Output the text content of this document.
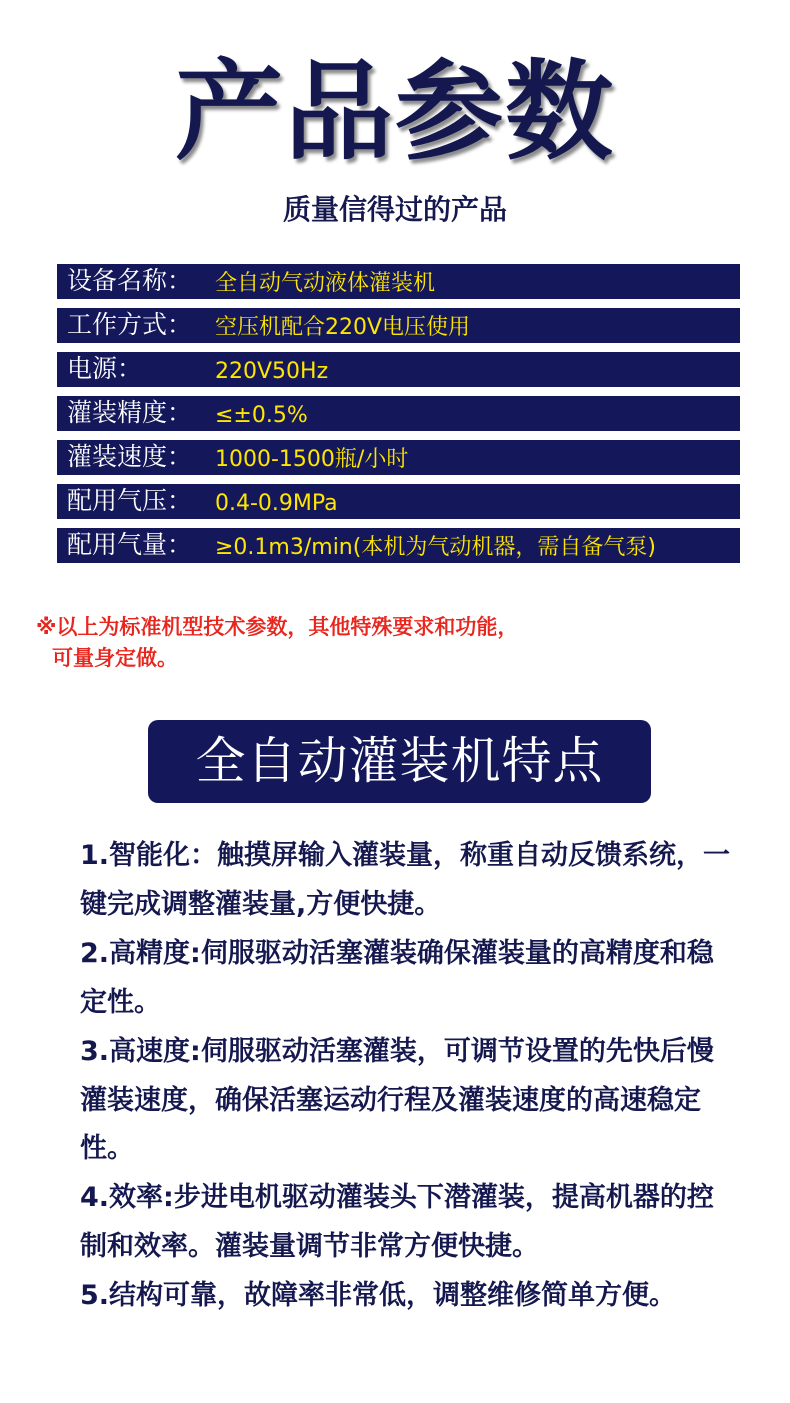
产品参数
质量信得过的产品
设备名称： 全自动气动液体灌装机
工作方式： 空压机配合220V电压使用
电源：	220V50Hz
灌装精度： ≤±0.5%
灌装速度： 1000-1500瓶/小时
配用气压： 0.4-0.9MPa
配用气量： ≥0.1m3/min(本机为气动机器，需自备气泵)
※以上为标准机型技术参数，其他特殊要求和功能，
可量身定做。
全自动灌装机特点

1.智能化：触摸屏输入灌装量，称重自动反馈系统，一键完成调整灌装量,方便快捷。

2.高精度:伺服驱动活塞灌装确保灌装量的高精度和稳定性。

3.高速度:伺服驱动活塞灌装，可调节设置的先快后慢灌装速度，确保活塞运动行程及灌装速度的高速稳定性。

4.效率:步进电机驱动灌装头下潜灌装，提高机器的控制和效率。灌装量调节非常方便快捷。

5.结构可靠，故障率非常低，调整维修简单方便。
